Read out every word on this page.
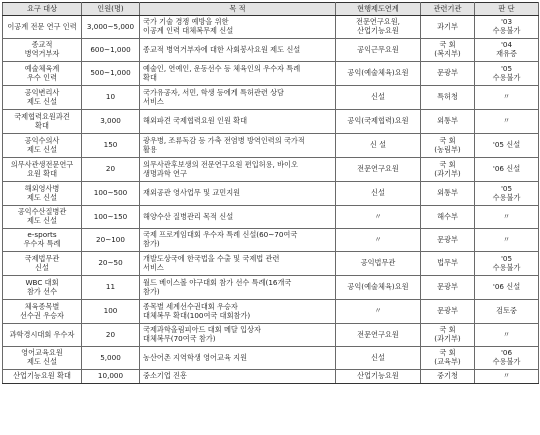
요구 대상	인원(명)	목 적	현행제도연계	관련기관	판 단

이공계 전문 연구 인력	3,000~5,000	국가 기술 경쟁 예방을 위한
이공계 인력 대체복무제 신설	전문연구요원,
산업기능요원	과기부	'03
수용불가

종교적
병역거부자	600~1,000	종교적 병역거부자에 대한 사회봉사요원 제도 신설	공익근무요원	국 회
(복지부)	'04
재유증

예술체육계
우수 인력	500~1,000	예술인, 연예인, 운동선수 등 체육인의 우수자 특례
확대	공익(예술체육)요원	문광부	'05
수용불가

공익변리사
제도 신설	10	국가유공자, 서민, 학생 등에게 특허관련 상담
서비스	신설	특허청	〃

국제협력요원과견
확대	3,000	해외파견 국제협력요원 인원 확대	공익(국제협력)요원	외통부	〃

공익수의사
제도 신설	150	광우병, 조류독감 등 가축 전염병 방역인력의 국가적
활용	신 설	국 회
(농림부)	'05 신설

의무사관생전문연구
요원 확대	20	의무사관후보생의 전문연구요원 편입허용, 바이오
생명과학 연구	전문연구요원	국 회
(과기부)	'06 신설

해외영사병
제도 신설	100~500	재외공관 영사업무 및 교민지원	신설	외통부	'05
수용불가

공익수산질병관
제도 신설	100~150	해양수산 질병관리 목적 신설	〃	해수부	〃

e-sports
우수자 특례	20~100	국제 프로게임대회 우수자 특례 신설(60~70여국
참가)	〃	문광부	〃

국제법무관
신설	20~50	개발도상국에 한국법을 수출 및 국제법 관련
서비스	공익법무관	법무부	'05
수용불가

WBC 대회
참가 선수	11	월드 베이스볼 야구대회 참가 선수 특례(16개국
참가)	공익(예술체육)요원	문광부	'06 신설

체육종목별
선수권 우승자	100	종목별 세계선수권대회 우승자
대체복무 확대(100여국 대회참가)	〃	문광부	검토중

과학경시대회 우수자	20	국제과학올림피아드 대회 메달 입상자
대체복무(70여국 참가)	전문연구요원	국 회
(과기부)	〃

영어교육요원
제도 신설	5,000	농산어촌 지역학생 영어교육 지원	신설	국 회
(교육부)	'06
수용불가

산업기능요원 확대	10,000	중소기업 진흥	산업기능요원	중기청	〃
